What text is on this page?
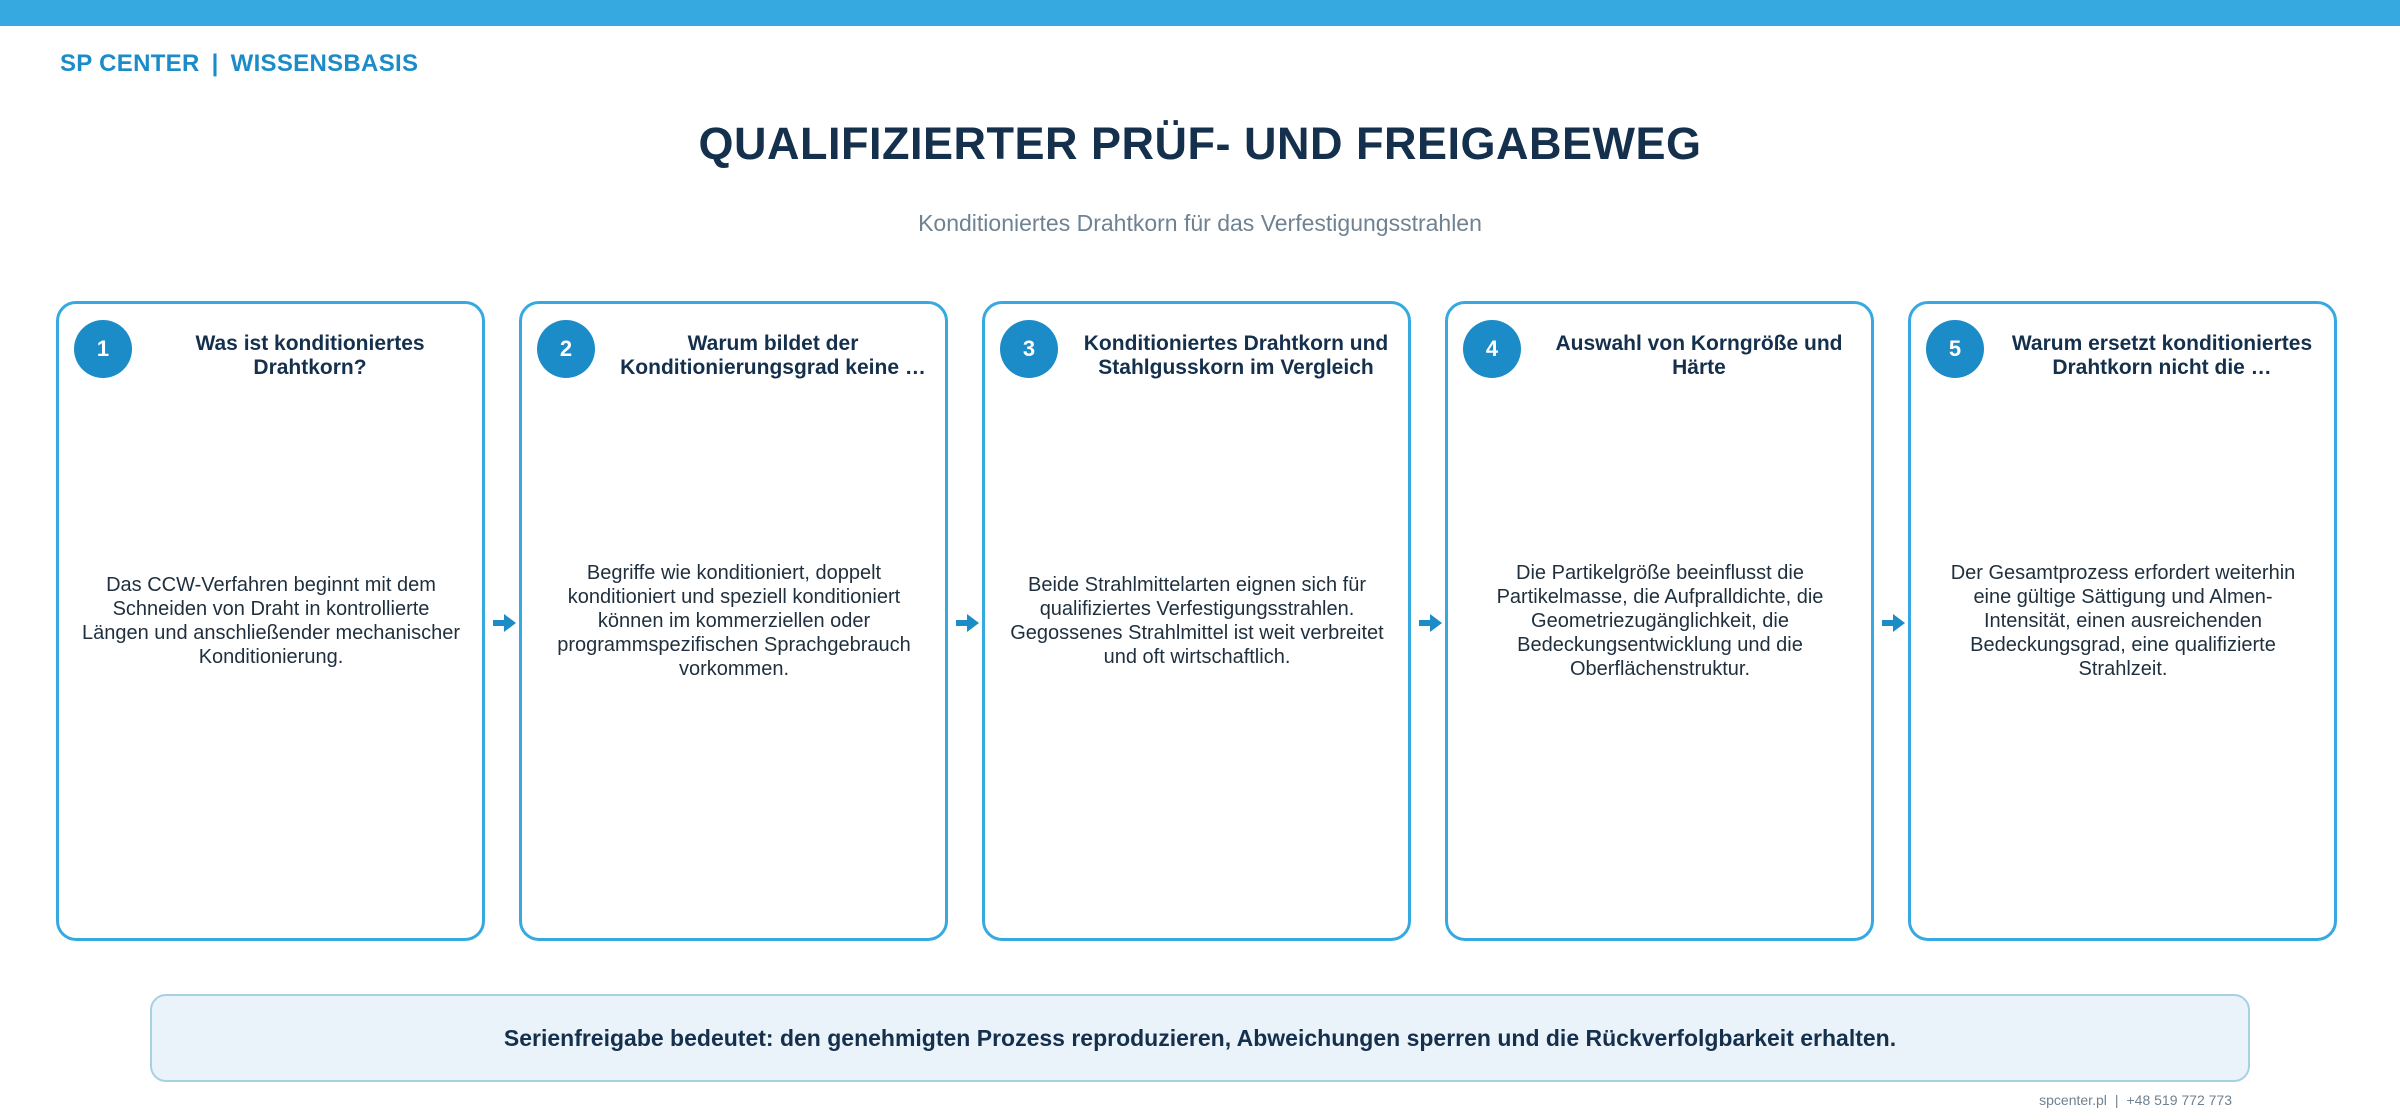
SP CENTER | WISSENSBASIS
QUALIFIZIERTER PRÜF- UND FREIGABEWEG
Konditioniertes Drahtkorn für das Verfestigungsstrahlen
1	Was ist konditioniertes Drahtkorn?
Das CCW-Verfahren beginnt mit dem Schneiden von Draht in kontrollierte Längen und anschließender mechanischer Konditionierung.
2	Warum bildet der Konditionierungsgrad keine …
Begriffe wie konditioniert, doppelt konditioniert und speziell konditioniert können im kommerziellen oder programmspezifischen Sprachgebrauch vorkommen.
3	Konditioniertes Drahtkorn und Stahlgusskorn im Vergleich
Beide Strahlmittelarten eignen sich für qualifiziertes Verfestigungsstrahlen. Gegossenes Strahlmittel ist weit verbreitet und oft wirtschaftlich.
4	Auswahl von Korngröße und Härte
Die Partikelgröße beeinflusst die Partikelmasse, die Aufpralldichte, die Geometriezugänglichkeit, die Bedeckungsentwicklung und die Oberflächenstruktur.
5	Warum ersetzt konditioniertes Drahtkorn nicht die …
Der Gesamtprozess erfordert weiterhin eine gültige Sättigung und Almen-Intensität, einen ausreichenden Bedeckungsgrad, eine qualifizierte Strahlzeit.
Serienfreigabe bedeutet: den genehmigten Prozess reproduzieren, Abweichungen sperren und die Rückverfolgbarkeit erhalten.
spcenter.pl | +48 519 772 773
